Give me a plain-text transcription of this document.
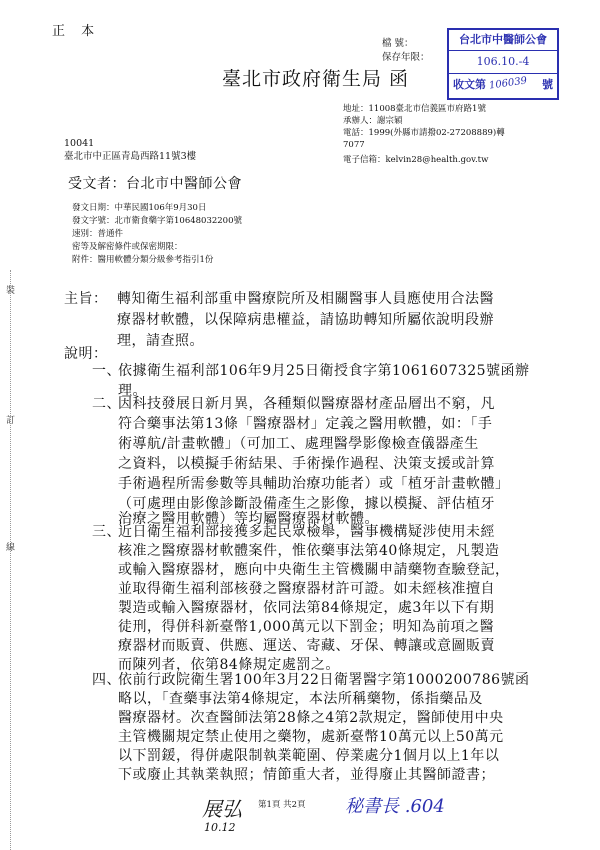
正 本
檔 號：
保存年限：
台北市中醫師公會
106.10.-4
收文第 106039 號
臺北市政府衛生局 函
地址：11008臺北市信義區市府路1號
承辦人：謝宗穎
電話：1999(外縣市請撥02-27208889)轉
7077
電子信箱：kelvin28@health.gov.tw
10041
臺北市中正區青島西路11號3樓
受文者：台北市中醫師公會
發文日期：中華民國106年9月30日
發文字號：北市衛食藥字第10648032200號
速別：普通件
密等及解密條件或保密期限：
附件：醫用軟體分類分級參考指引1份
裝
訂
線
主旨： 轉知衛生福利部重申醫療院所及相關醫事人員應使用合法醫
療器材軟體，以保障病患權益，請協助轉知所屬依說明段辦
理，請查照。
說明：
一、
依據衛生福利部106年9月25日衛授食字第1061607325號函辦
理。
二、
因科技發展日新月異，各種類似醫療器材產品層出不窮，凡
符合藥事法第13條「醫療器材」定義之醫用軟體，如：「手
術導航/計畫軟體」（可加工、處理醫學影像檢查儀器產生
之資料，以模擬手術結果、手術操作過程、決策支援或計算
手術過程所需參數等具輔助治療功能者）或「植牙計畫軟體」
（可處理由影像診斷設備產生之影像，據以模擬、評估植牙
治療之醫用軟體）等均屬醫療器材軟體。
三、
近日衛生福利部接獲多起民眾檢舉，醫事機構疑涉使用未經
核准之醫療器材軟體案件，惟依藥事法第40條規定，凡製造
或輸入醫療器材，應向中央衛生主管機關申請藥物查驗登記，
並取得衛生福利部核發之醫療器材許可證。如未經核准擅自
製造或輸入醫療器材，依同法第84條規定，處3年以下有期
徒刑，得併科新臺幣1,000萬元以下罰金；明知為前項之醫
療器材而販賣、供應、運送、寄藏、牙保、轉讓或意圖販賣
而陳列者，依第84條規定處罰之。
四、
依前行政院衛生署100年3月22日衛署醫字第1000200786號函
略以，「查藥事法第4條規定，本法所稱藥物，係指藥品及
醫療器材。次查醫師法第28條之4第2款規定，醫師使用中央
主管機關規定禁止使用之藥物，處新臺幣10萬元以上50萬元
以下罰鍰，得併處限制執業範圍、停業處分1個月以上1年以
下或廢止其執業執照；情節重大者，並得廢止其醫師證書；
展弘
10.12
第1頁 共2頁 秘書長 .604
